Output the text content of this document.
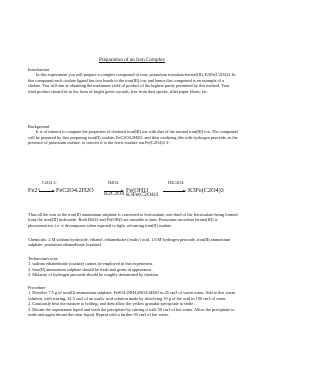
Preparation of an Iron Complex
Introduction

In this experiment you will prepare a complex compound of iron; potassium trioxalatoferrate(III), K3Fe(C2O4)3. In this compound each oxalate ligand has two bonds to the iron(III) ion, and hence this compound is an example of a chelate. You will aim at obtaining the maximum yield of product of the highest purity permitted by this method. Your final product should be in the form of bright green crystals, free from dust specks, filter paper fibres, etc.

Background

It is of interest to compare the properties of chelated iron(III) ion with that of the normal iron(III) ion. The compound will be prepared by first preparing iron(II) oxalate, FeC2O4.2H2O, and then oxidizing this with hydrogen peroxide, in the presence of potassium oxalate, to convert it to the ferric-oxalate ion Fe(C2O4)3 3-.

Fe2+
C2O4 2-
FeC2O4.2H2O
H2O2
K2C2O4 Fe(OH)3
K3Fe(C2O4)3
H2C2O4
K3Fe(C2O4)3

Thus all the iron in the iron(II) ammonium sulphate is converted to ferrioxalate, one third of the ferrioxalate being formed from the iron(III) hydroxide. Both H2O2 and Fe(OH)3 are unstable to heat. Potassium trioxalato ferrate(III) is photosensitive, i.e. it decomposes when exposed to light, reforming iron(II) oxalate.

Chemicals: 2 M sodium hydroxide, ethanol, ethanedioate (oxalic) acid, 1.8 M hydrogen peroxide, iron(II) ammonium sulphate, potassium ethanedioate (oxalate).

Technician's note
1. sodium ethanedioate (oxalate) cannot be employed in this experiment.
2. Iron(II) ammonium sulphate should be fresh and green in appearance.
3. Molarity of hydrogen peroxide should be roughly determined by titration.
Procedure
1. Dissolve 7.5 g of iron(II) ammonium sulphate, FeSO4.(NH4)2SO4.6H2O in 25 cm3 of warm water. Add to this warm solution, with stirring, 32.5 cm3 of an oxalic acid solution made by dissolving 10 g of the acid in 100 cm3 of water.
2. Cautiously heat the mixture to boiling, and then allow the yellow granular precipitate to settle.
3. Decant the supernatant liquid and wash the precipitate by stirring it with 50 cm3 of hot water. Allow the precipitate to settle and again decant the clear liquid. Repeat with a further 50 cm3 of hot water.
